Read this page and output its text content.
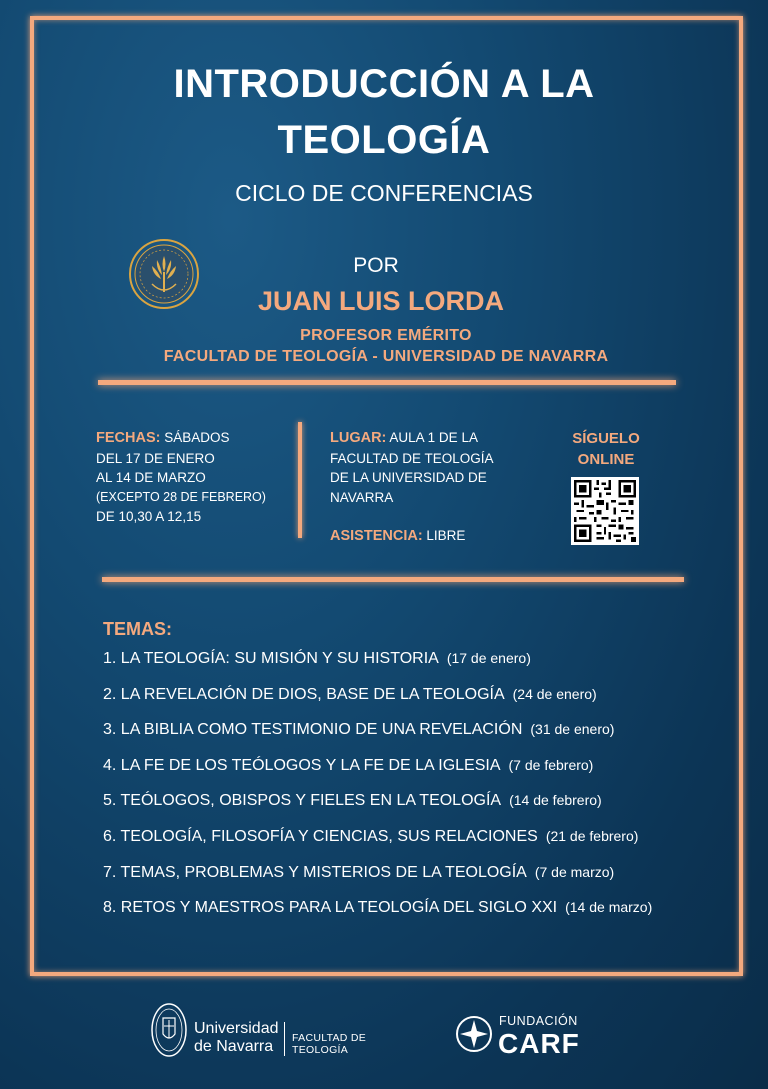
INTRODUCCIÓN A LA
TEOLOGÍA
CICLO DE CONFERENCIAS
POR
JUAN LUIS LORDA
PROFESOR EMÉRITO
FACULTAD DE TEOLOGÍA - UNIVERSIDAD DE NAVARRA
FECHAS: SÁBADOS
DEL 17 DE ENERO
AL 14 DE MARZO
(EXCEPTO 28 DE FEBRERO)
DE 10,30 A 12,15
LUGAR: AULA 1 DE LA
FACULTAD DE TEOLOGÍA
DE LA UNIVERSIDAD DE
NAVARRA
ASISTENCIA: LIBRE
SÍGUELO
ONLINE
TEMAS:
1. LA TEOLOGÍA: SU MISIÓN Y SU HISTORIA (17 de enero)
2. LA REVELACIÓN DE DIOS, BASE DE LA TEOLOGÍA (24 de enero)
3. LA BIBLIA COMO TESTIMONIO DE UNA REVELACIÓN (31 de enero)
4. LA FE DE LOS TEÓLOGOS Y LA FE DE LA IGLESIA (7 de febrero)
5. TEÓLOGOS, OBISPOS Y FIELES EN LA TEOLOGÍA (14 de febrero)
6. TEOLOGÍA, FILOSOFÍA Y CIENCIAS, SUS RELACIONES (21 de febrero)
7. TEMAS, PROBLEMAS Y MISTERIOS DE LA TEOLOGÍA (7 de marzo)
8. RETOS Y MAESTROS PARA LA TEOLOGÍA DEL SIGLO XXI (14 de marzo)
Universidad
de Navarra	FACULTAD DE
TEOLOGÍA
FUNDACIÓN
CARF
